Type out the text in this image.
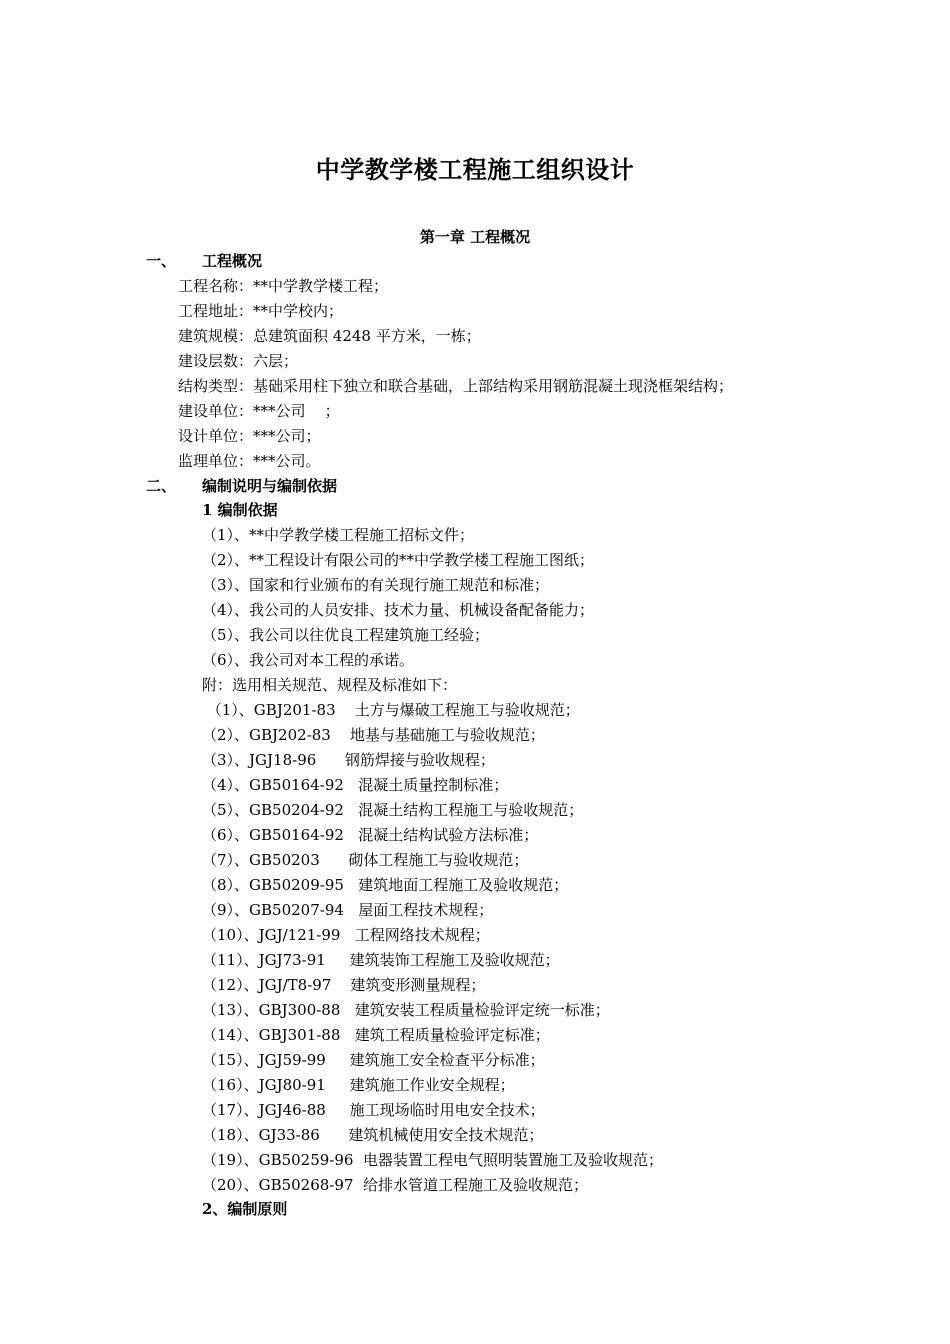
中学教学楼工程施工组织设计
第一章 工程概况
一、 工程概况
工程名称：**中学教学楼工程；
工程地址：**中学校内；
建筑规模：总建筑面积 4248 平方米，一栋；
建设层数：六层；
结构类型：基础采用柱下独立和联合基础，上部结构采用钢筋混凝土现浇框架结构；
建设单位：***公司    ；
设计单位：***公司；
监理单位：***公司。
二、 编制说明与编制依据
1 编制依据
（1）、**中学教学楼工程施工招标文件；
（2）、**工程设计有限公司的**中学教学楼工程施工图纸；
（3）、国家和行业颁布的有关现行施工规范和标准；
（4）、我公司的人员安排、技术力量、机械设备配备能力；
（5）、我公司以往优良工程建筑施工经验；
（6）、我公司对本工程的承诺。
附：选用相关规范、规程及标准如下：
（1）、GBJ201-83    土方与爆破工程施工与验收规范；
（2）、GBJ202-83    地基与基础施工与验收规范；
（3）、JGJ18-96      钢筋焊接与验收规程；
（4）、GB50164-92   混凝土质量控制标准；
（5）、GB50204-92   混凝土结构工程施工与验收规范；
（6）、GB50164-92   混凝土结构试验方法标准；
（7）、GB50203      砌体工程施工与验收规范；
（8）、GB50209-95   建筑地面工程施工及验收规范；
（9）、GB50207-94   屋面工程技术规程；
（10）、JGJ/121-99   工程网络技术规程；
（11）、JGJ73-91     建筑装饰工程施工及验收规范；
（12）、JGJ/T8-97    建筑变形测量规程；
（13）、GBJ300-88   建筑安装工程质量检验评定统一标准；
（14）、GBJ301-88   建筑工程质量检验评定标准；
（15）、JGJ59-99     建筑施工安全检查平分标准；
（16）、JGJ80-91     建筑施工作业安全规程；
（17）、JGJ46-88     施工现场临时用电安全技术；
（18）、GJ33-86      建筑机械使用安全技术规范；
（19）、GB50259-96  电器装置工程电气照明装置施工及验收规范；
（20）、GB50268-97  给排水管道工程施工及验收规范；
2、编制原则
